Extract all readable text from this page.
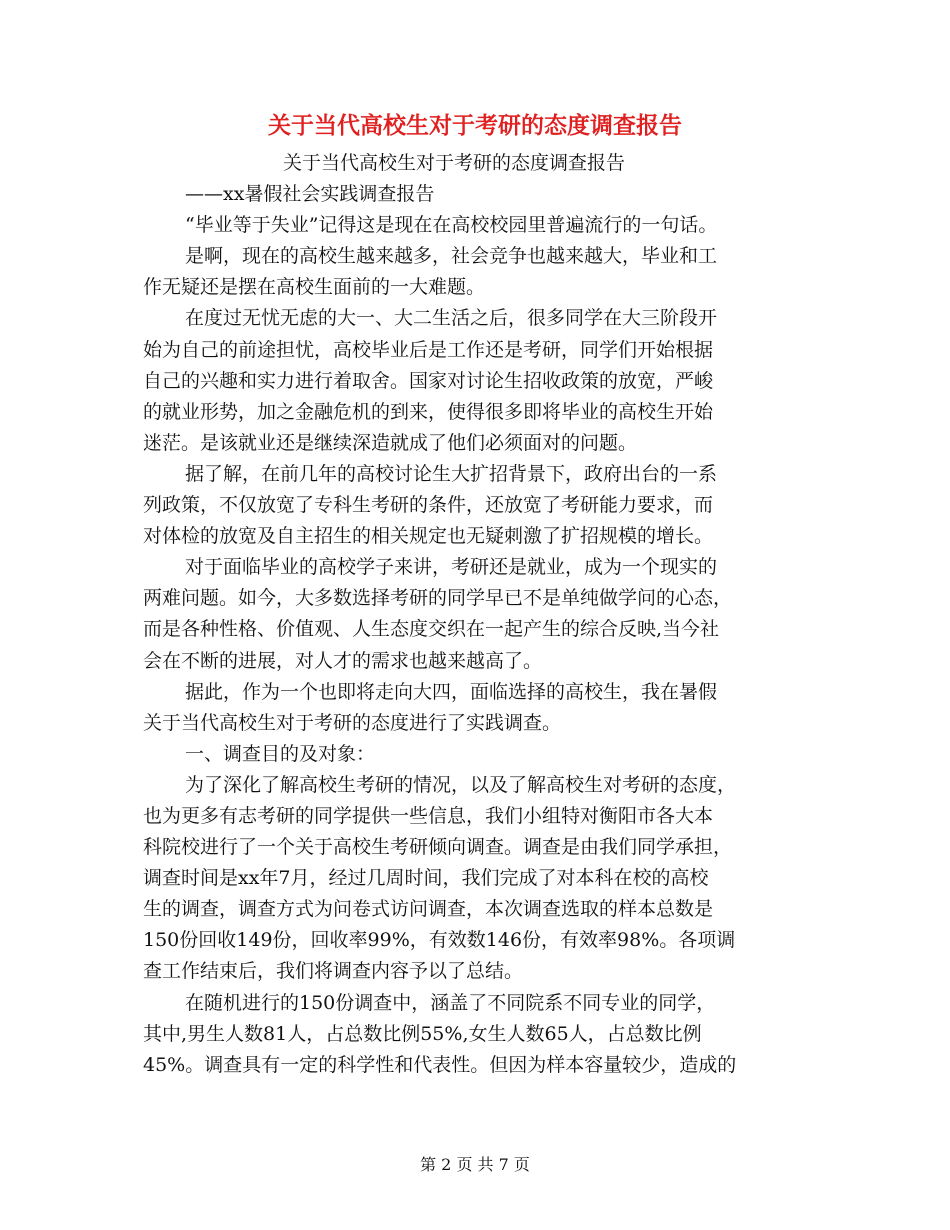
关于当代高校生对于考研的态度调查报告
关于当代高校生对于考研的态度调查报告
——xx暑假社会实践调查报告
“毕业等于失业”记得这是现在在高校校园里普遍流行的一句话。
是啊，现在的高校生越来越多，社会竞争也越来越大，毕业和工
作无疑还是摆在高校生面前的一大难题。
在度过无忧无虑的大一、大二生活之后，很多同学在大三阶段开
始为自己的前途担忧，高校毕业后是工作还是考研，同学们开始根据
自己的兴趣和实力进行着取舍。国家对讨论生招收政策的放宽，严峻
的就业形势，加之金融危机的到来，使得很多即将毕业的高校生开始
迷茫。是该就业还是继续深造就成了他们必须面对的问题。
据了解，在前几年的高校讨论生大扩招背景下，政府出台的一系
列政策，不仅放宽了专科生考研的条件，还放宽了考研能力要求，而
对体检的放宽及自主招生的相关规定也无疑刺激了扩招规模的增长。
对于面临毕业的高校学子来讲，考研还是就业，成为一个现实的
两难问题。如今，大多数选择考研的同学早已不是单纯做学问的心态，
而是各种性格、价值观、人生态度交织在一起产生的综合反映,当今社
会在不断的进展，对人才的需求也越来越高了。
据此，作为一个也即将走向大四，面临选择的高校生，我在暑假
关于当代高校生对于考研的态度进行了实践调查。
一、调查目的及对象：
为了深化了解高校生考研的情况，以及了解高校生对考研的态度，
也为更多有志考研的同学提供一些信息，我们小组特对衡阳市各大本
科院校进行了一个关于高校生考研倾向调查。调查是由我们同学承担，
调查时间是xx年7月，经过几周时间，我们完成了对本科在校的高校
生的调查，调查方式为问卷式访问调查，本次调查选取的样本总数是
150份回收149份，回收率99%，有效数146份，有效率98%。各项调
查工作结束后，我们将调查内容予以了总结。
在随机进行的150份调查中，涵盖了不同院系不同专业的同学，
其中,男生人数81人，占总数比例55%,女生人数65人，占总数比例
45%。调查具有一定的科学性和代表性。但因为样本容量较少，造成的
第 2 页 共 7 页
